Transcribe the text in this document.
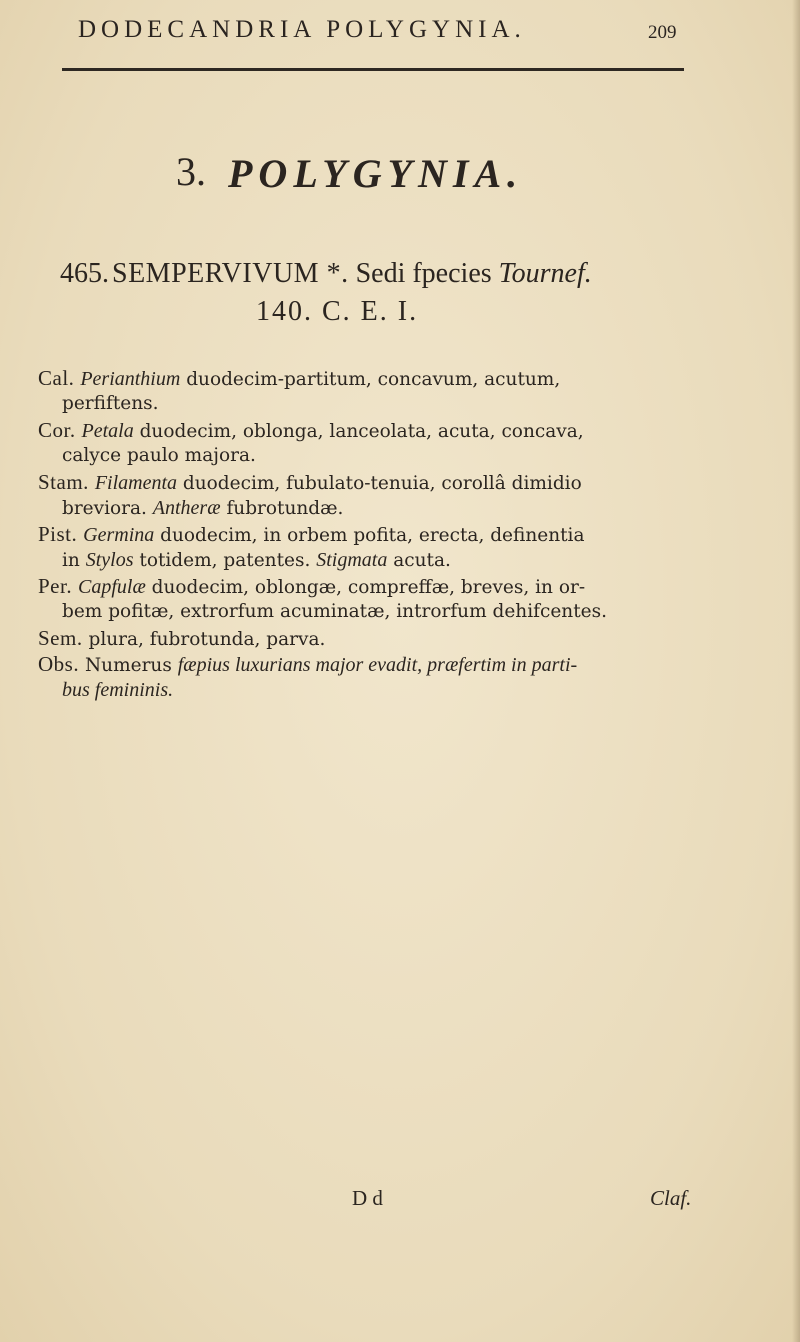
DODECANDRIA POLYGYNIA.	209
3. POLYGYNIA.
465. SEMPERVIVUM *. Sedi fpecies Tournef.
140. C. E. I.
Cal. Perianthium duodecim-partitum, concavum, acutum,
perfiftens.
Cor. Petala duodecim, oblonga, lanceolata, acuta, concava,
calyce paulo majora.
Stam. Filamenta duodecim, fubulato-tenuia, corollâ dimidio
breviora. Antheræ fubrotundæ.
Pist. Germina duodecim, in orbem pofita, erecta, definentia
in Stylos totidem, patentes. Stigmata acuta.
Per. Capfulæ duodecim, oblongæ, compreffæ, breves, in or-
bem pofitæ, extrorfum acuminatæ, introrfum dehifcentes.
Sem. plura, fubrotunda, parva.
Obs. Numerus fæpius luxurians major evadit, præfertim in parti-
bus femininis.
D d	Claf.
